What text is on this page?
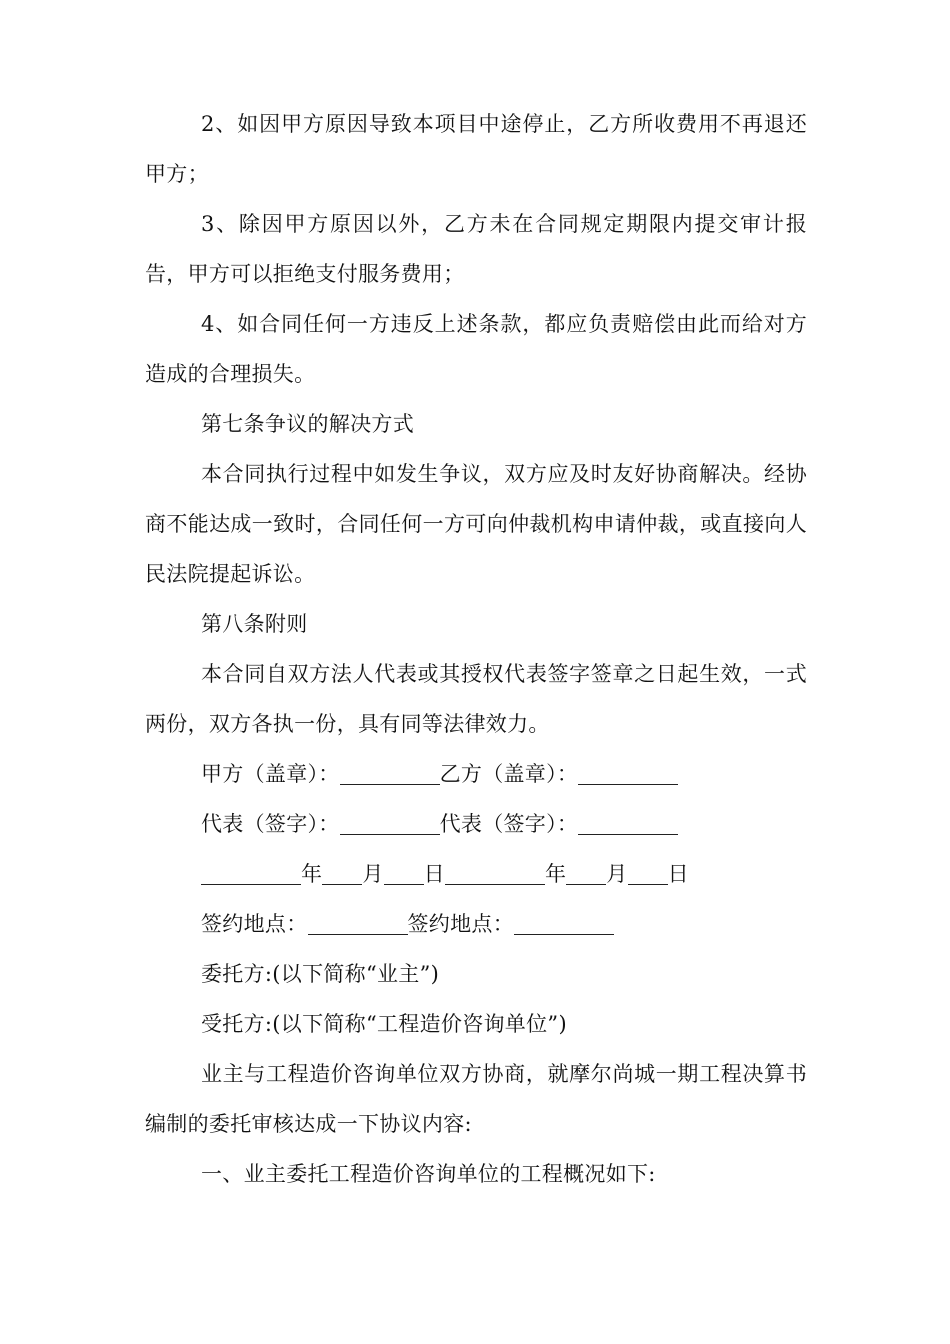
2、如因甲方原因导致本项目中途停止，乙方所收费用不再退还甲方；

3、除因甲方原因以外，乙方未在合同规定期限内提交审计报告，甲方可以拒绝支付服务费用；

4、如合同任何一方违反上述条款，都应负责赔偿由此而给对方造成的合理损失。

第七条争议的解决方式

本合同执行过程中如发生争议，双方应及时友好协商解决。经协商不能达成一致时，合同任何一方可向仲裁机构申请仲裁，或直接向人民法院提起诉讼。

第八条附则

本合同自双方法人代表或其授权代表签字签章之日起生效，一式两份，双方各执一份，具有同等法律效力。

甲方（盖章）：	乙方（盖章）：

代表（签字）：	代表（签字）：

年 月 日	年 月 日

签约地点：	签约地点：

委托方:(以下简称“业主”)

受托方:(以下简称“工程造价咨询单位”)

业主与工程造价咨询单位双方协商，就摩尔尚城一期工程决算书编制的委托审核达成一下协议内容:

一、业主委托工程造价咨询单位的工程概况如下:
